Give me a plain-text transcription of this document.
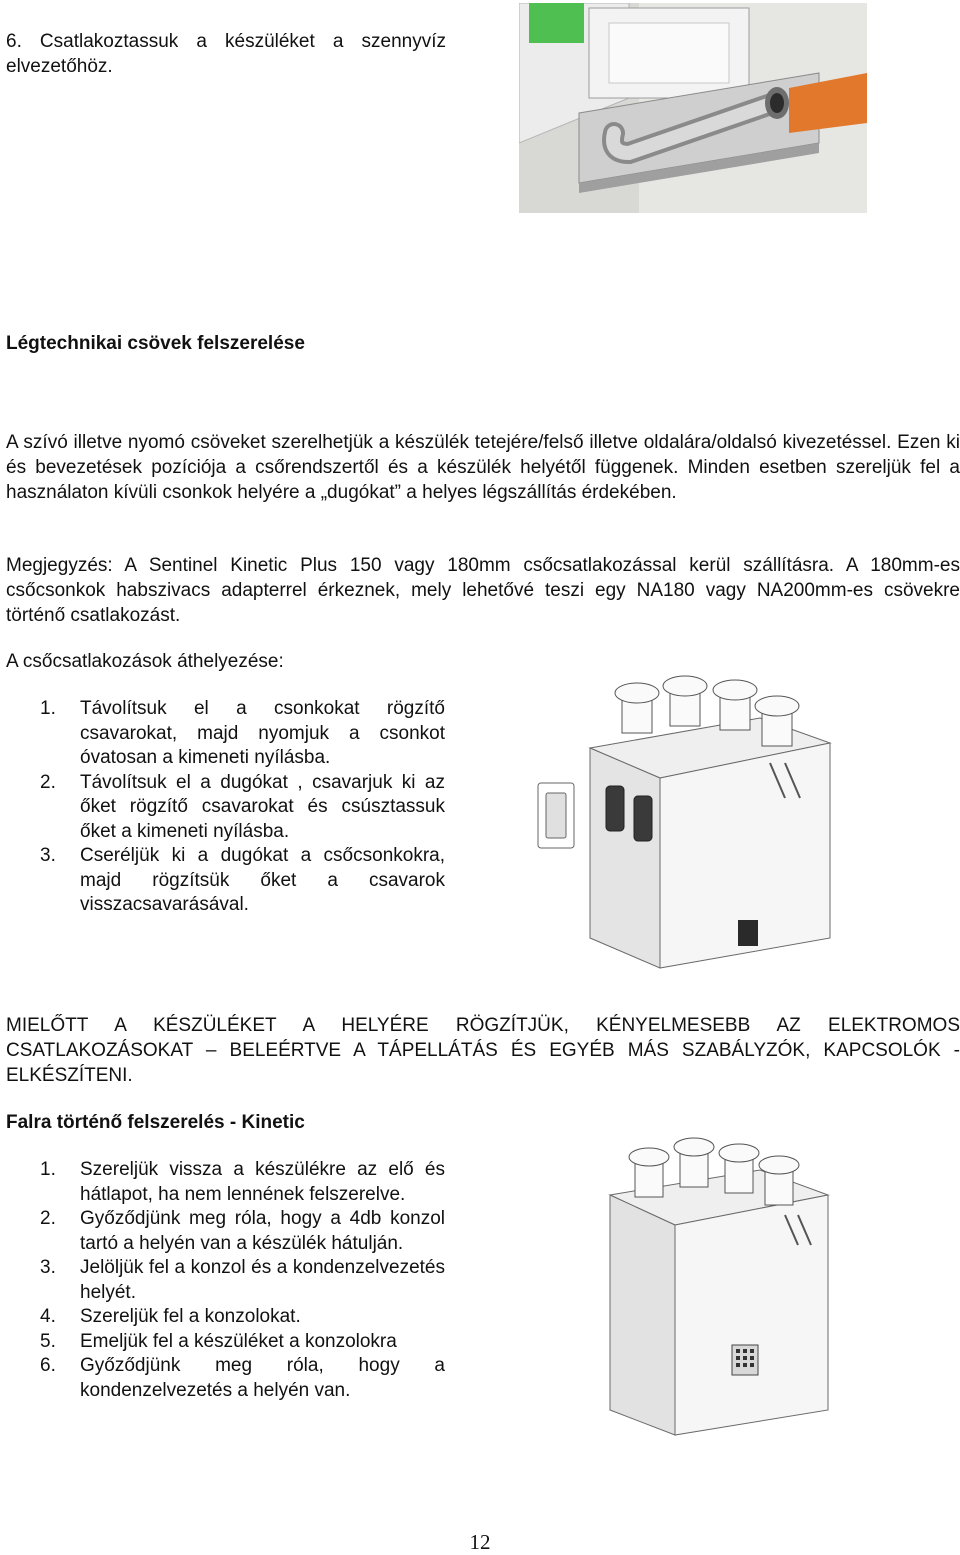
6. Csatlakoztassuk a készüléket a szennyvíz elvezetőhöz.
Légtechnikai csövek felszerelése
A szívó illetve nyomó csöveket szerelhetjük a készülék tetejére/felső illetve oldalára/oldalsó kivezetéssel. Ezen ki és bevezetések pozíciója a csőrendszertől és a készülék helyétől függenek. Minden esetben szereljük fel a használaton kívüli csonkok helyére a „dugókat” a helyes légszállítás érdekében.
Megjegyzés: A Sentinel Kinetic Plus 150 vagy 180mm csőcsatlakozással kerül szállításra. A 180mm-es csőcsonkok habszivacs adapterrel érkeznek, mely lehetővé teszi egy NA180 vagy NA200mm-es csövekre történő csatlakozást.
A csőcsatlakozások áthelyezése:
1. Távolítsuk el a csonkokat rögzítő csavarokat, majd nyomjuk a csonkot óvatosan a kimeneti nyílásba.
2. Távolítsuk el a dugókat , csavarjuk ki az őket rögzítő csavarokat és csúsztassuk őket a kimeneti nyílásba.
3. Cseréljük ki a dugókat a csőcsonkokra, majd rögzítsük őket a csavarok visszacsavarásával.
MIELŐTT A KÉSZÜLÉKET A HELYÉRE RÖGZÍTJÜK, KÉNYELMESEBB AZ ELEKTROMOS CSATLAKOZÁSOKAT – BELEÉRTVE A TÁPELLÁTÁS ÉS EGYÉB MÁS SZABÁLYZÓK, KAPCSOLÓK - ELKÉSZÍTENI.
Falra történő felszerelés - Kinetic
1. Szereljük vissza a készülékre az elő és hátlapot, ha nem lennének felszerelve.
2. Győződjünk meg róla, hogy a 4db konzol tartó a helyén van a készülék hátulján.
3. Jelöljük fel a konzol és a kondenzelvezetés helyét.
4. Szereljük fel a konzolokat.
5. Emeljük fel a készüléket a konzolokra
6. Győződjünk meg róla, hogy a kondenzelvezetés a helyén van.
12
